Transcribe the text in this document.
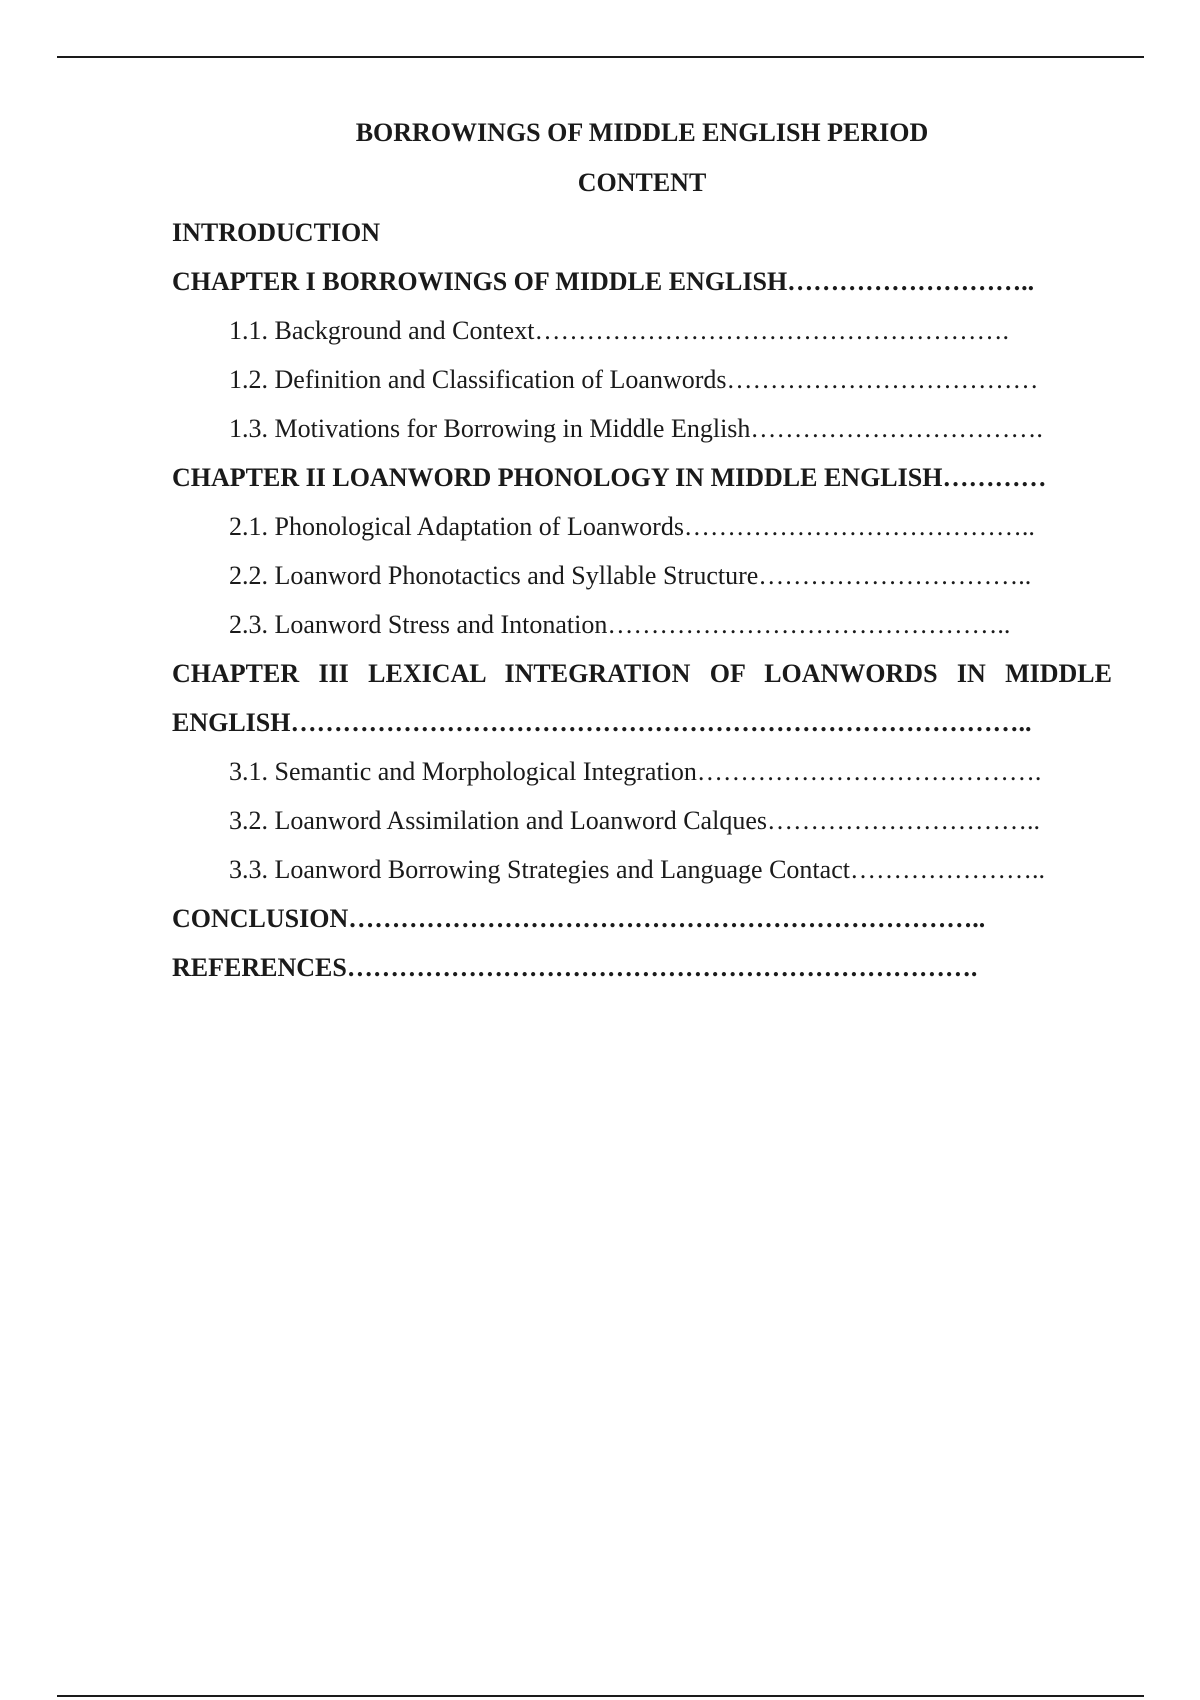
BORROWINGS OF MIDDLE ENGLISH PERIOD
CONTENT
INTRODUCTION
CHAPTER I BORROWINGS OF MIDDLE ENGLISH………………………..
1.1. Background and Context……………………………………………….
1.2. Definition and Classification of Loanwords………………………………
1.3. Motivations for Borrowing in Middle English…………………………….
CHAPTER II LOANWORD PHONOLOGY IN MIDDLE ENGLISH…………
2.1. Phonological Adaptation of Loanwords…………………………………..
2.2. Loanword Phonotactics and Syllable Structure…………………………..
2.3. Loanword Stress and Intonation………………………………………..
CHAPTER III LEXICAL INTEGRATION OF LOANWORDS IN MIDDLE ENGLISH…………………………………………………………………………..
3.1. Semantic and Morphological Integration………………………………….
3.2. Loanword Assimilation and Loanword Calques…………………………..
3.3. Loanword Borrowing Strategies and Language Contact…………………..
CONCLUSION………………………………………………………………..
REFERENCES……………………………………………………………….
